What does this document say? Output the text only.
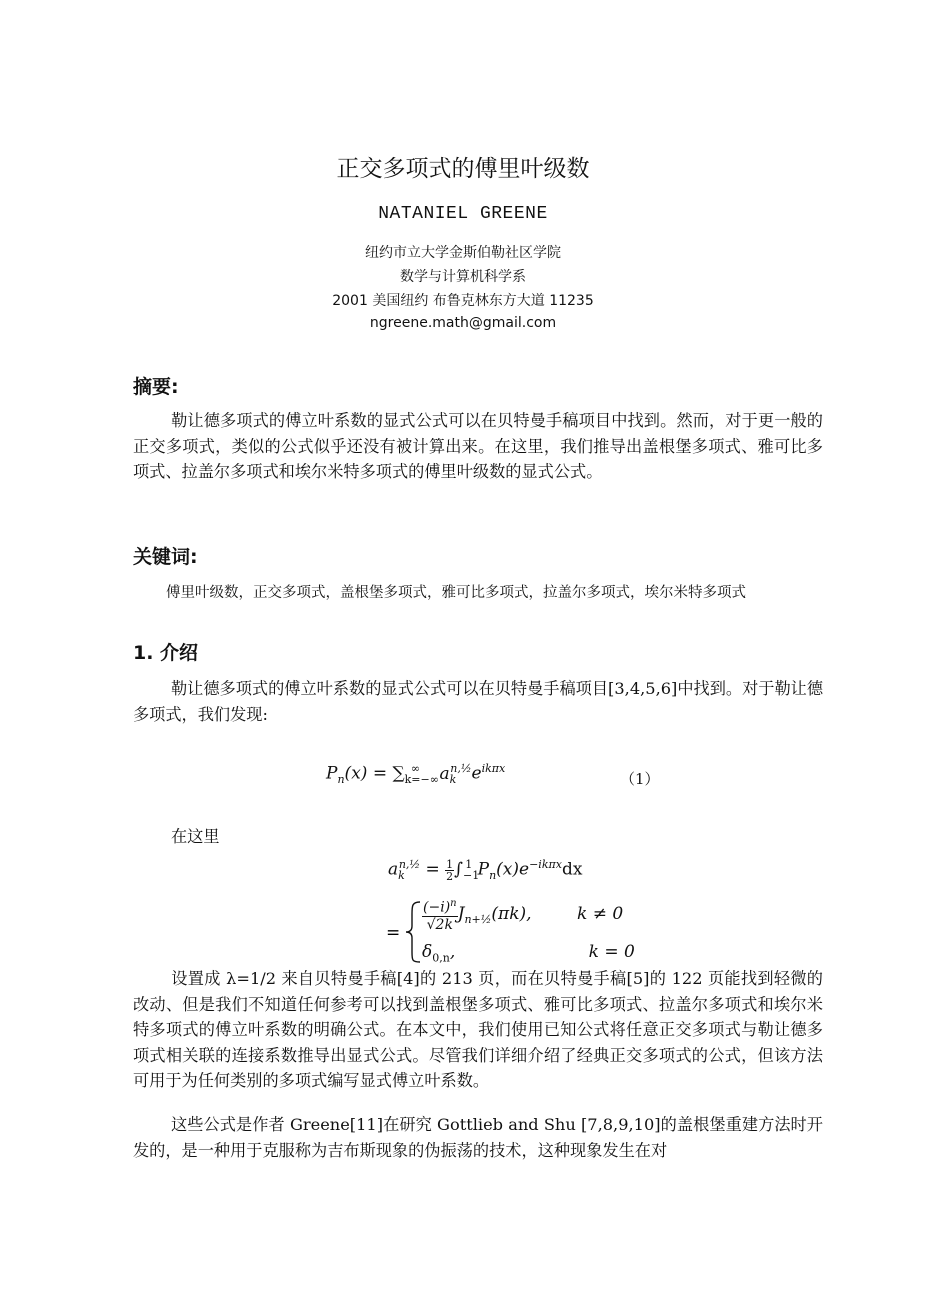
正交多项式的傅里叶级数
NATANIEL GREENE
纽约市立大学金斯伯勒社区学院
数学与计算机科学系
2001 美国纽约 布鲁克林东方大道 11235
ngreene.math@gmail.com
摘要:
勒让德多项式的傅立叶系数的显式公式可以在贝特曼手稿项目中找到。然而，对于更一般的正交多项式，类似的公式似乎还没有被计算出来。在这里，我们推导出盖根堡多项式、雅可比多项式、拉盖尔多项式和埃尔米特多项式的傅里叶级数的显式公式。
关键词:
傅里叶级数，正交多项式，盖根堡多项式，雅可比多项式，拉盖尔多项式，埃尔米特多项式
1. 介绍
勒让德多项式的傅立叶系数的显式公式可以在贝特曼手稿项目[3,4,5,6]中找到。对于勒让德多项式，我们发现:
$P_n(x) = \sum_{k=-\infty}^\infty$ $a_k^{n,\frac{1}{2}}e^{ik\pi x}$
（1）
在这里
$a_k^{n,\frac{1}{2}} = \frac{1}{2} \int_{-1}^1$ $P_n(x)e^{-ik\pi x}dx$
=
$\frac{(-i)^n}{√2k} J_{n+\frac{1}{2}}(\pi k)$, k ≠ 0
$\delta_{0,n}$,	k = 0
设置成 λ=1/2 来自贝特曼手稿[4]的 213 页，而在贝特曼手稿[5]的 122 页能找到轻微的改动、但是我们不知道任何参考可以找到盖根堡多项式、雅可比多项式、拉盖尔多项式和埃尔米特多项式的傅立叶系数的明确公式。在本文中，我们使用已知公式将任意正交多项式与勒让德多项式相关联的连接系数推导出显式公式。尽管我们详细介绍了经典正交多项式的公式，但该方法可用于为任何类别的多项式编写显式傅立叶系数。
这些公式是作者 Greene[11]在研究 Gottlieb and Shu [7,8,9,10]的盖根堡重建方法时开发的，是一种用于克服称为吉布斯现象的伪振荡的技术，这种现象发生在对
